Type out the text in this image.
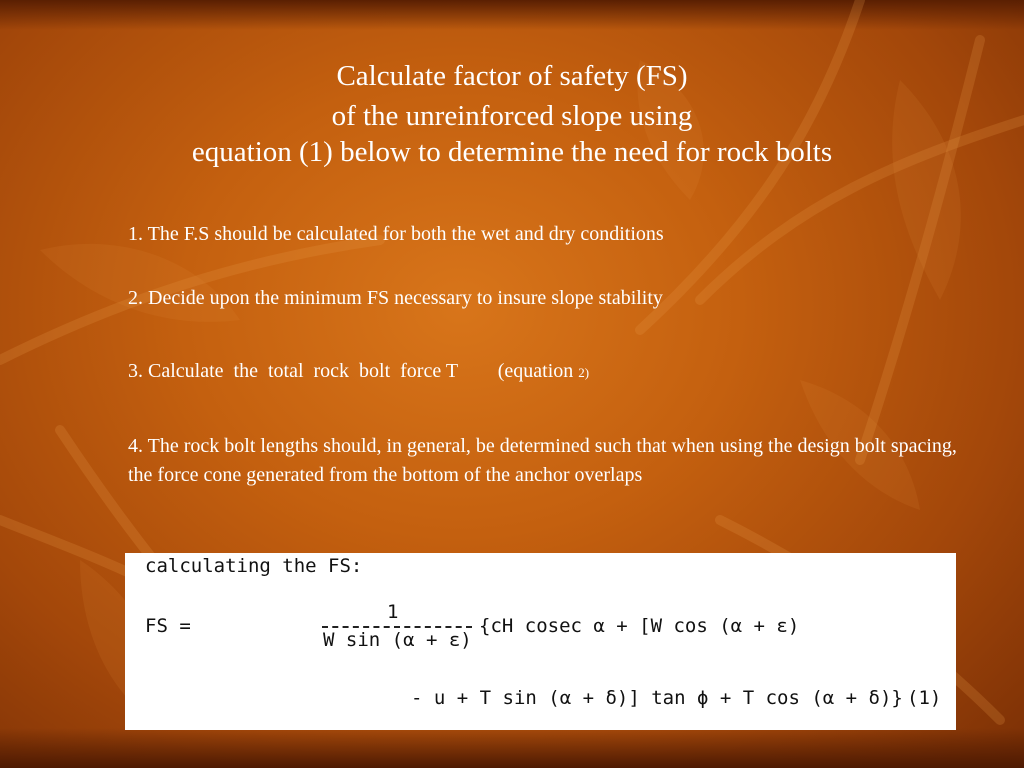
Calculate factor of safety (FS)
of the unreinforced slope using
equation (1) below to determine the need for rock bolts
1. The F.S should be calculated for both the wet and dry conditions
2. Decide upon the minimum FS necessary to insure slope stability
3. Calculate  the  total  rock  bolt  force T        (equation 2)
4. The rock bolt lengths should, in general, be determined such that when using the design bolt spacing, the force cone generated from the bottom of the anchor overlaps
calculating the FS:
FS =
1
W sin (α + ε)
{cH cosec α + [W cos (α + ε)
- u + T sin (α + δ)] tan ϕ + T cos (α + δ)} (1)
